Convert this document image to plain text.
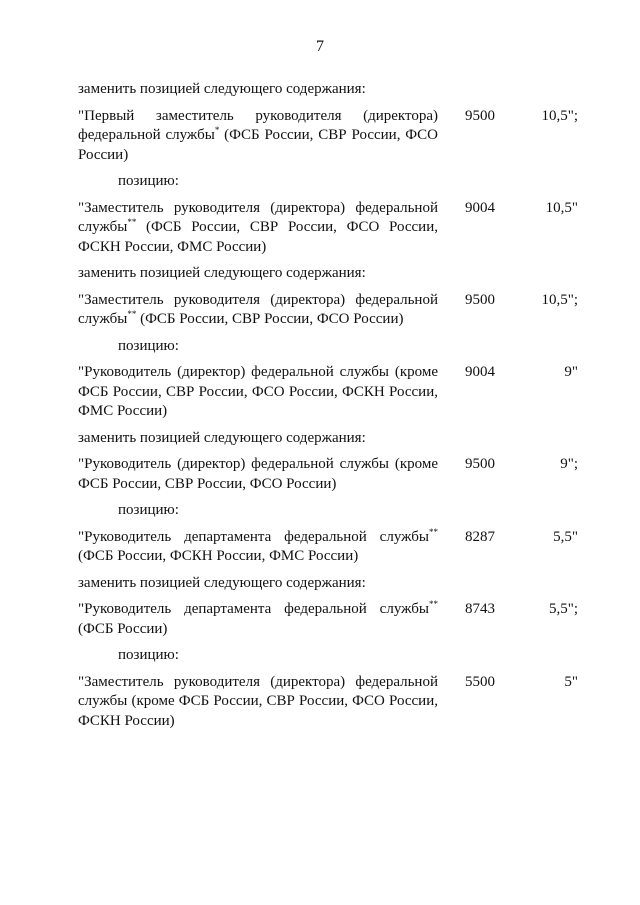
7

заменить позицией следующего содержания:

"Первый заместитель руководителя (директора) федеральной службы* (ФСБ России, СВР России, ФСО России)
9500	10,5";

позицию:

"Заместитель руководителя (директора) федеральной службы** (ФСБ России, СВР России, ФСО России, ФСКН России, ФМС России)
9004	10,5"

заменить позицией следующего содержания:

"Заместитель руководителя (директора) федеральной службы** (ФСБ России, СВР России, ФСО России)
9500	10,5";

позицию:

"Руководитель (директор) федеральной службы (кроме ФСБ России, СВР России, ФСО России, ФСКН России, ФМС России)
9004	9"

заменить позицией следующего содержания:

"Руководитель (директор) федеральной службы (кроме ФСБ России, СВР России, ФСО России)
9500	9";

позицию:

"Руководитель департамента федеральной службы** (ФСБ России, ФСКН России, ФМС России)
8287	5,5"

заменить позицией следующего содержания:

"Руководитель департамента федеральной службы** (ФСБ России)
8743	5,5";

позицию:

"Заместитель руководителя (директора) федеральной службы (кроме ФСБ России, СВР России, ФСО России, ФСКН России)
5500	5"
